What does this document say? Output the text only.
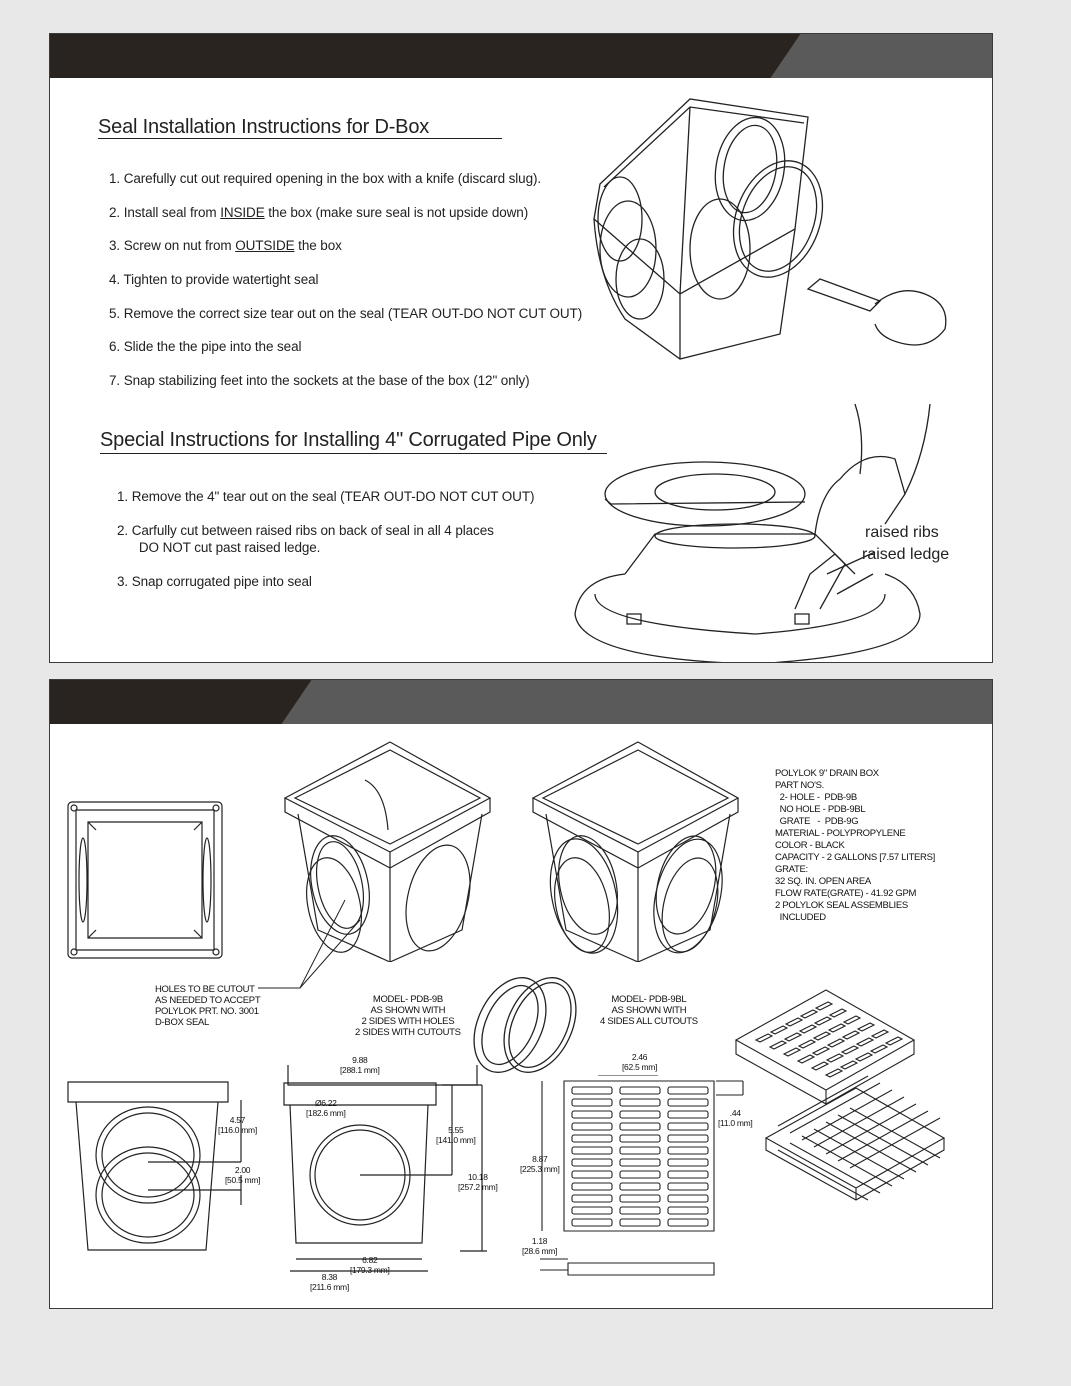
Seal Installation Instructions for D-Box
1. Carefully cut out required opening in the box with a knife (discard slug).
2. Install seal from INSIDE the box (make sure seal is not upside down)
3. Screw on nut from OUTSIDE the box
4. Tighten to provide watertight seal
5. Remove the correct size tear out on the seal (TEAR OUT-DO NOT CUT OUT)
6. Slide the the pipe into the seal
7. Snap stabilizing feet into the sockets at the base of the box (12" only)
Special Instructions for Installing 4" Corrugated Pipe Only
1. Remove the 4" tear out on the seal (TEAR OUT-DO NOT CUT OUT)
2. Carfully cut between raised ribs on back of seal in all 4 places
DO NOT cut past raised ledge.
3. Snap corrugated pipe into seal
raised ribs
raised ledge
POLYLOK 9" DRAIN BOX
PART NO'S.
2- HOLE -  PDB-9B
NO HOLE - PDB-9BL
GRATE   -  PDB-9G
MATERIAL - POLYPROPYLENE
COLOR - BLACK
CAPACITY - 2 GALLONS [7.57 LITERS]
GRATE:
32 SQ. IN. OPEN AREA
FLOW RATE(GRATE) - 41.92 GPM
2 POLYLOK SEAL ASSEMBLIES
INCLUDED
HOLES TO BE CUTOUT
AS NEEDED TO ACCEPT
POLYLOK PRT. NO. 3001
D-BOX SEAL
MODEL- PDB-9B
AS SHOWN WITH
2 SIDES WITH HOLES
2 SIDES WITH CUTOUTS
MODEL- PDB-9BL
AS SHOWN WITH
4 SIDES ALL CUTOUTS
4.57
[116.0 mm]
2.00
[50.5 mm]
9.88
[288.1 mm]
Ø6.22
[182.6 mm]
5.55
[141.0 mm]
10.18
[257.2 mm]
6.82
[179.3 mm]
8.38
[211.6 mm]
2.46
[62.5 mm]
8.87
[225.3 mm]
.44
[11.0 mm]
1.18
[28.6 mm]
